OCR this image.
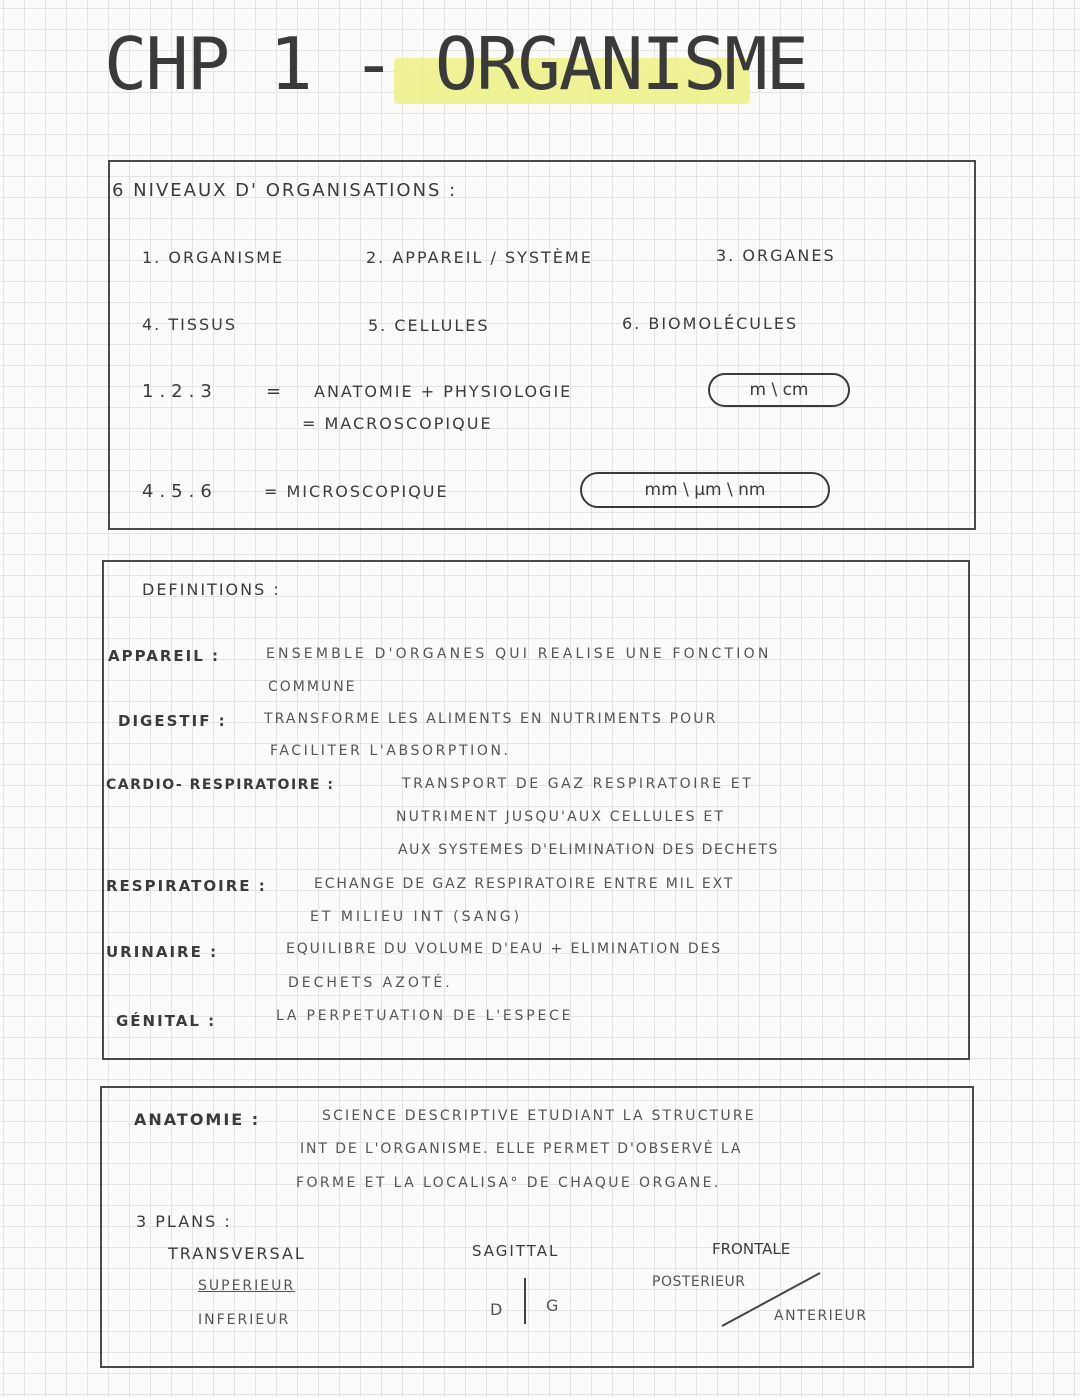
CHP 1 - ORGANISME
6 NIVEAUX D' ORGANISATIONS :
1. ORGANISME	2. APPAREIL / SYSTÈME	3. ORGANES
4. TISSUS	5. CELLULES	6. BIOMOLÉCULES
1.2.3	= ANATOMIE + PHYSIOLOGIE
= MACROSCOPIQUE
m \ cm
4.5.6	= MICROSCOPIQUE	mm \ µm \ nm
DEFINITIONS :
APPAREIL :	ENSEMBLE D'ORGANES QUI REALISE UNE FONCTION
COMMUNE
DIGESTIF :	TRANSFORME LES ALIMENTS EN NUTRIMENTS POUR
FACILITER L'ABSORPTION.
CARDIO- RESPIRATOIRE :	TRANSPORT DE GAZ RESPIRATOIRE ET
NUTRIMENT JUSQU'AUX CELLULES ET
AUX SYSTEMES D'ELIMINATION DES DECHETS
RESPIRATOIRE :	ECHANGE DE GAZ RESPIRATOIRE ENTRE MIL EXT
ET MILIEU INT (SANG)
URINAIRE :	EQUILIBRE DU VOLUME D'EAU + ELIMINATION DES
DECHETS AZOTÉ.
GÉNITAL :	LA PERPETUATION DE L'ESPECE
ANATOMIE :	SCIENCE DESCRIPTIVE ETUDIANT LA STRUCTURE
INT DE L'ORGANISME. ELLE PERMET D'OBSERVÉ LA
FORME ET LA LOCALISA° DE CHAQUE ORGANE.
3 PLANS :
TRANSVERSAL
SUPERIEUR
INFERIEUR
SAGITTAL
D	G
FRONTALE
POSTERIEUR
ANTERIEUR
